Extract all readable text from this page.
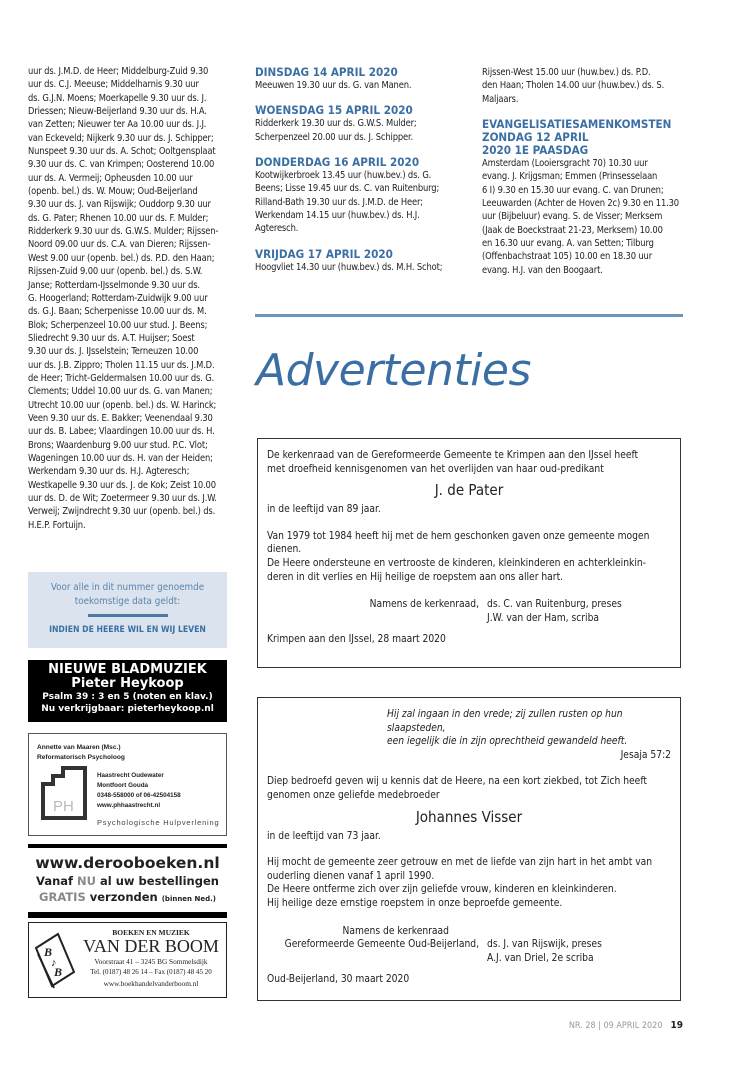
uur ds. J.M.D. de Heer; Middelburg-Zuid 9.30
uur ds. C.J. Meeuse; Middelharnis 9.30 uur
ds. G.J.N. Moens; Moerkapelle 9.30 uur ds. J.
Driessen; Nieuw-Beijerland 9.30 uur ds. H.A.
van Zetten; Nieuwer ter Aa 10.00 uur ds. J.J.
van Eckeveld; Nijkerk 9.30 uur ds. J. Schipper;
Nunspeet 9.30 uur ds. A. Schot; Ooltgensplaat
9.30 uur ds. C. van Krimpen; Oosterend 10.00
uur ds. A. Vermeij; Opheusden 10.00 uur
(openb. bel.) ds. W. Mouw; Oud-Beijerland
9.30 uur ds. J. van Rijswijk; Ouddorp 9.30 uur
ds. G. Pater; Rhenen 10.00 uur ds. F. Mulder;
Ridderkerk 9.30 uur ds. G.W.S. Mulder; Rijssen-
Noord 09.00 uur ds. C.A. van Dieren; Rijssen-
West 9.00 uur (openb. bel.) ds. P.D. den Haan;
Rijssen-Zuid 9.00 uur (openb. bel.) ds. S.W.
Janse; Rotterdam-IJsselmonde 9.30 uur ds.
G. Hoogerland; Rotterdam-Zuidwijk 9.00 uur
ds. G.J. Baan; Scherpenisse 10.00 uur ds. M.
Blok; Scherpenzeel 10.00 uur stud. J. Beens;
Sliedrecht 9.30 uur ds. A.T. Huijser; Soest
9.30 uur ds. J. IJsselstein; Terneuzen 10.00
uur ds. J.B. Zippro; Tholen 11.15 uur ds. J.M.D.
de Heer; Tricht-Geldermalsen 10.00 uur ds. G.
Clements; Uddel 10.00 uur ds. G. van Manen;
Utrecht 10.00 uur (openb. bel.) ds. W. Harinck;
Veen 9.30 uur ds. E. Bakker; Veenendaal 9.30
uur ds. B. Labee; Vlaardingen 10.00 uur ds. H.
Brons; Waardenburg 9.00 uur stud. P.C. Vlot;
Wageningen 10.00 uur ds. H. van der Heiden;
Werkendam 9.30 uur ds. H.J. Agteresch;
Westkapelle 9.30 uur ds. J. de Kok; Zeist 10.00
uur ds. D. de Wit; Zoetermeer 9.30 uur ds. J.W.
Verweij; Zwijndrecht 9.30 uur (openb. bel.) ds.
H.E.P. Fortuijn.
DINSDAG 14 APRIL 2020
Meeuwen 19.30 uur ds. G. van Manen.
WOENSDAG 15 APRIL 2020
Ridderkerk 19.30 uur ds. G.W.S. Mulder;
Scherpenzeel 20.00 uur ds. J. Schipper.
DONDERDAG 16 APRIL 2020
Kootwijkerbroek 13.45 uur (huw.bev.) ds. G.
Beens; Lisse 19.45 uur ds. C. van Ruitenburg;
Rilland-Bath 19.30 uur ds. J.M.D. de Heer;
Werkendam 14.15 uur (huw.bev.) ds. H.J.
Agteresch.
VRIJDAG 17 APRIL 2020
Hoogvliet 14.30 uur (huw.bev.) ds. M.H. Schot;
Rijssen-West 15.00 uur (huw.bev.) ds. P.D.
den Haan; Tholen 14.00 uur (huw.bev.) ds. S.
Maljaars.
EVANGELISATIESAMENKOMSTEN
ZONDAG 12 APRIL
2020 1E PAASDAG
Amsterdam (Looiersgracht 70) 10.30 uur
evang. J. Krijgsman; Emmen (Prinsesselaan
6 I) 9.30 en 15.30 uur evang. C. van Drunen;
Leeuwarden (Achter de Hoven 2c) 9.30 en 11.30
uur (Bijbeluur) evang. S. de Visser; Merksem
(Jaak de Boeckstraat 21-23, Merksem) 10.00
en 16.30 uur evang. A. van Setten; Tilburg
(Offenbachstraat 105) 10.00 en 18.30 uur
evang. H.J. van den Boogaart.
Advertenties

De kerkenraad van de Gereformeerde Gemeente te Krimpen aan den IJssel heeft
met droefheid kennisgenomen van het overlijden van haar oud-predikant

J. de Pater

in de leeftijd van 89 jaar.

Van 1979 tot 1984 heeft hij met de hem geschonken gaven onze gemeente mogen
dienen.
De Heere ondersteune en vertrooste de kinderen, kleinkinderen en achterkleinkin-
deren in dit verlies en Hij heilige de roepstem aan ons aller hart.

Namens de kerkenraad, ds. C. van Ruitenburg, preses
J.W. van der Ham, scriba

Krimpen aan den IJssel, 28 maart 2020

Hij zal ingaan in den vrede; zij zullen rusten op hun slaapsteden,
een iegelijk die in zijn oprechtheid gewandeld heeft.

Jesaja 57:2

Diep bedroefd geven wij u kennis dat de Heere, na een kort ziekbed, tot Zich heeft
genomen onze geliefde medebroeder

Johannes Visser

in de leeftijd van 73 jaar.

Hij mocht de gemeente zeer getrouw en met de liefde van zijn hart in het ambt van
ouderling dienen vanaf 1 april 1990.
De Heere ontferme zich over zijn geliefde vrouw, kinderen en kleinkinderen.
Hij heilige deze ernstige roepstem in onze beproefde gemeente.

Namens de kerkenraad
Gereformeerde Gemeente Oud-Beijerland, ds. J. van Rijswijk, preses
A.J. van Driel, 2e scriba

Oud-Beijerland, 30 maart 2020

Voor alle in dit nummer genoemde
toekomstige data geldt:
INDIEN DE HEERE WIL EN WIJ LEVEN
NIEUWE BLADMUZIEK
Pieter Heykoop
Psalm 39 : 3 en 5 (noten en klav.)
Nu verkrijgbaar: pieterheykoop.nl
Annette van Maaren (Msc.)
Reformatorisch Psycholoog
PH
Haastrecht Oudewater
Montfoort Gouda
0348-558000 of 06-42504158
www.phhaastrecht.nl
Psychologische Hulpverlening
www.derooboeken.nl
Vanaf NU al uw bestellingen
GRATIS verzonden (binnen Ned.)
B
B
♪
BOEKEN EN MUZIEK
VAN DER BOOM
Voorstraat 41 – 3245 BG Sommelsdijk
Tel. (0187) 48 26 14 – Fax (0187) 48 45 20
www.boekhandelvanderboom.nl
NR. 28 | 09 APRIL 2020 19
